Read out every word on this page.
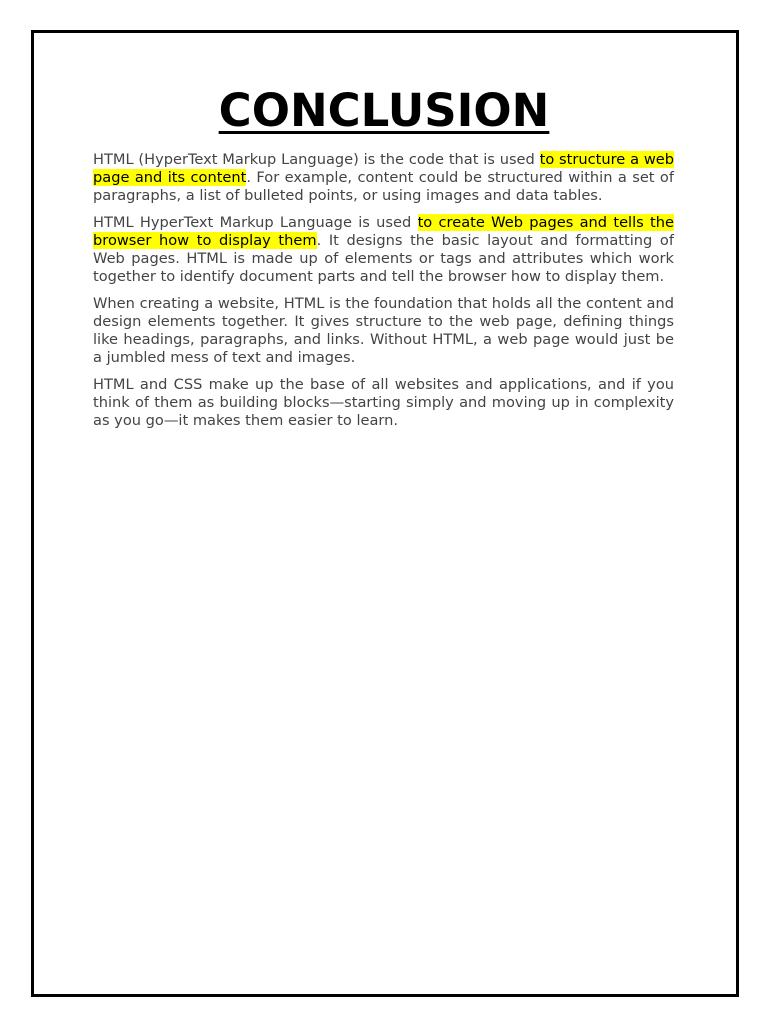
CONCLUSION

HTML (HyperText Markup Language) is the code that is used to structure a web page and its content. For example, content could be structured within a set of paragraphs, a list of bulleted points, or using images and data tables.

HTML HyperText Markup Language is used to create Web pages and tells the browser how to display them. It designs the basic layout and formatting of Web pages. HTML is made up of elements or tags and attributes which work together to identify document parts and tell the browser how to display them.

When creating a website, HTML is the foundation that holds all the content and design elements together. It gives structure to the web page, defining things like headings, paragraphs, and links. Without HTML, a web page would just be a jumbled mess of text and images.

HTML and CSS make up the base of all websites and applications, and if you think of them as building blocks—starting simply and moving up in complexity as you go—it makes them easier to learn.
